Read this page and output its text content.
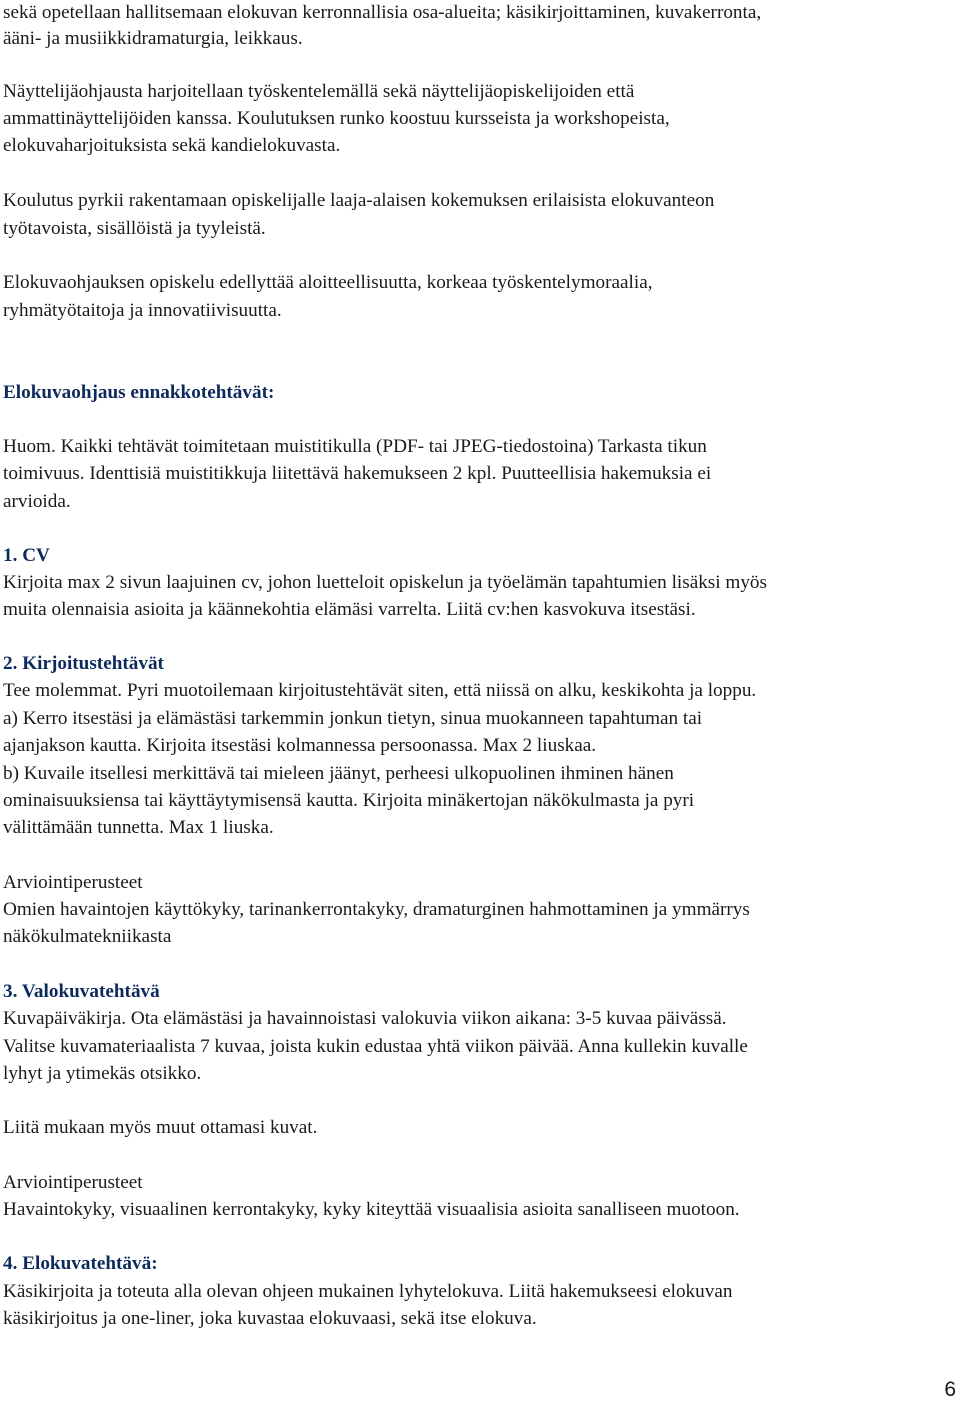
sekä opetellaan hallitsemaan elokuvan kerronnallisia osa-alueita; käsikirjoittaminen, kuvakerronta,
ääni- ja musiikkidramaturgia, leikkaus.
Näyttelijäohjausta harjoitellaan työskentelemällä sekä näyttelijäopiskelijoiden että
ammattinäyttelijöiden kanssa. Koulutuksen runko koostuu kursseista ja workshopeista,
elokuvaharjoituksista sekä kandielokuvasta.
Koulutus pyrkii rakentamaan opiskelijalle laaja-alaisen kokemuksen erilaisista elokuvanteon
työtavoista, sisällöistä ja tyyleistä.
Elokuvaohjauksen opiskelu edellyttää aloitteellisuutta, korkeaa työskentelymoraalia,
ryhmätyötaitoja ja innovatiivisuutta.
Elokuvaohjaus ennakkotehtävät:
Huom. Kaikki tehtävät toimitetaan muistitikulla (PDF- tai JPEG-tiedostoina) Tarkasta tikun
toimivuus. Identtisiä muistitikkuja liitettävä hakemukseen 2 kpl. Puutteellisia hakemuksia ei
arvioida.
1. CV
Kirjoita max 2 sivun laajuinen cv, johon luetteloit opiskelun ja työelämän tapahtumien lisäksi myös
muita olennaisia asioita ja käännekohtia elämäsi varrelta. Liitä cv:hen kasvokuva itsestäsi.
2. Kirjoitustehtävät
Tee molemmat. Pyri muotoilemaan kirjoitustehtävät siten, että niissä on alku, keskikohta ja loppu.
a) Kerro itsestäsi ja elämästäsi tarkemmin jonkun tietyn, sinua muokanneen tapahtuman tai
ajanjakson kautta. Kirjoita itsestäsi kolmannessa persoonassa. Max 2 liuskaa.
b) Kuvaile itsellesi merkittävä tai mieleen jäänyt, perheesi ulkopuolinen ihminen hänen
ominaisuuksiensa tai käyttäytymisensä kautta. Kirjoita minäkertojan näkökulmasta ja pyri
välittämään tunnetta. Max 1 liuska.
Arviointiperusteet
Omien havaintojen käyttökyky, tarinankerrontakyky, dramaturginen hahmottaminen ja ymmärrys
näkökulmatekniikasta
3. Valokuvatehtävä
Kuvapäiväkirja. Ota elämästäsi ja havainnoistasi valokuvia viikon aikana: 3-5 kuvaa päivässä.
Valitse kuvamateriaalista 7 kuvaa, joista kukin edustaa yhtä viikon päivää. Anna kullekin kuvalle
lyhyt ja ytimekäs otsikko.
Liitä mukaan myös muut ottamasi kuvat.
Arviointiperusteet
Havaintokyky, visuaalinen kerrontakyky, kyky kiteyttää visuaalisia asioita sanalliseen muotoon.
4. Elokuvatehtävä:
Käsikirjoita ja toteuta alla olevan ohjeen mukainen lyhytelokuva. Liitä hakemukseesi elokuvan
käsikirjoitus ja one-liner, joka kuvastaa elokuvaasi, sekä itse elokuva.
6
